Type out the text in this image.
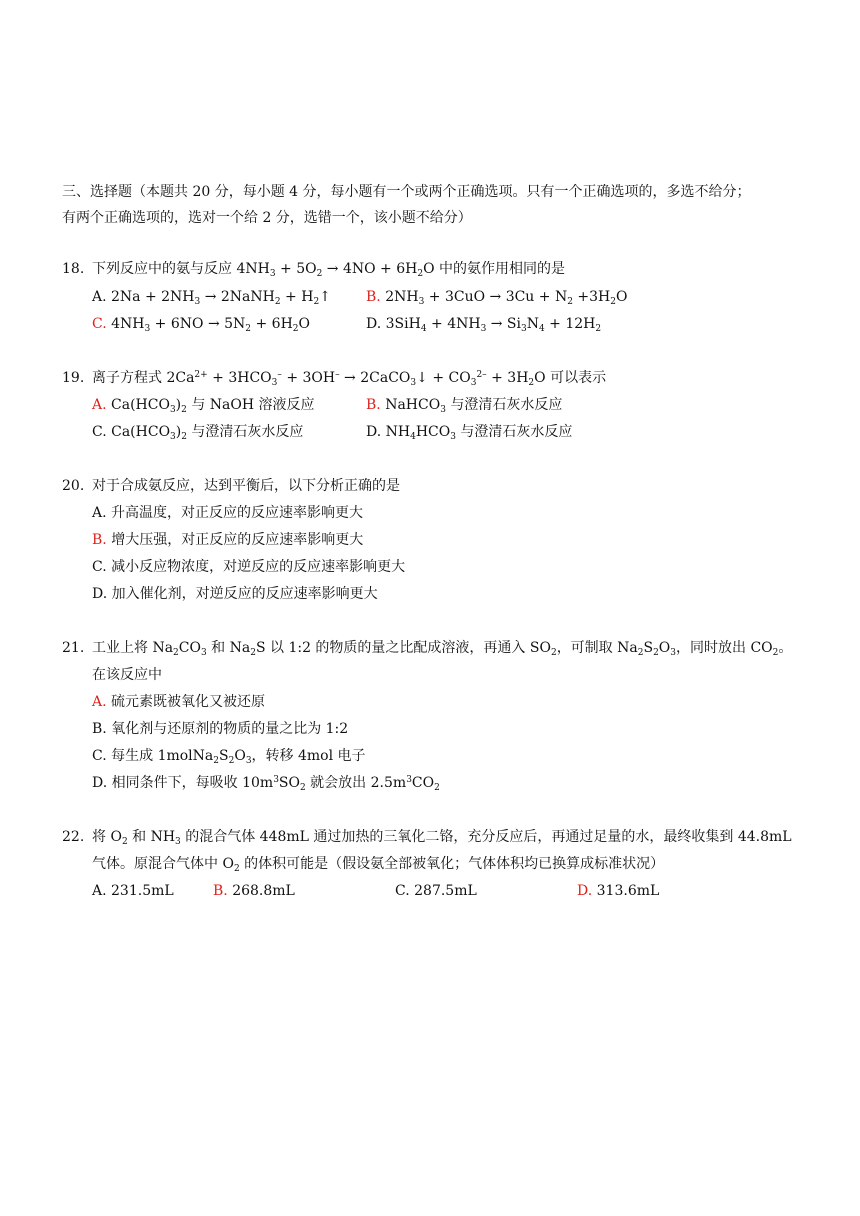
三、选择题（本题共 20 分，每小题 4 分，每小题有一个或两个正确选项。只有一个正确选项的，多选不给分；
有两个正确选项的，选对一个给 2 分，选错一个，该小题不给分）
18. 下列反应中的氨与反应 $4NH_3 + 5O_2 \to 4NO + 6H_2O$ 中的氨作用相同的是
A. $2Na + 2NH_3$ → 2NaNH$_2$ + $H_2↑$	B. $2NH_3 + 3CuO \to 3Cu + N_2 +3H_2O$
C. $4NH_3 + 6NO \to 5N_2 + 6H_2O$	D. $3SiH_4 + 4NH_3 \to Si_3N_4 + 12H_2$
19. 离子方程式 $2Ca^{2+} + 3HCO_3^- + 3OH^-$ → 2CaCO$_3$↓ + $CO_3^{2-} + 3H_2O$ 可以表示
A. $Ca(HCO_3)_2$ 与 NaOH 溶液反应	B. NaHCO$_3$ 与澄清石灰水反应
C. $Ca(HCO_3)_2$ 与澄清石灰水反应	D. $NH_4HCO_3$ 与澄清石灰水反应
20. 对于合成氨反应，达到平衡后，以下分析正确的是
A. 升高温度，对正反应的反应速率影响更大
B. 增大压强，对正反应的反应速率影响更大
C. 减小反应物浓度，对逆反应的反应速率影响更大
D. 加入催化剂，对逆反应的反应速率影响更大
21. 工业上将 $Na_2CO_3$ 和 $Na_2S$ 以 1:2 的物质的量之比配成溶液，再通入 $SO_2$，可制取 $Na_2S_2O_3$，同时放出 $CO_2$。
在该反应中
A. 硫元素既被氧化又被还原
B. 氧化剂与还原剂的物质的量之比为 1:2
C. 每生成 $1molNa_2S_2O_3$，转移 4mol 电子
D. 相同条件下，每吸收 $10m^3SO_2$ 就会放出 $2.5m^3CO_2$
22. 将 $O_2$ 和 $NH_3$ 的混合气体 448mL 通过加热的三氧化二铬，充分反应后，再通过足量的水，最终收集到 44.8mL
气体。原混合气体中 $O_2$ 的体积可能是（假设氨全部被氧化；气体体积均已换算成标准状况）
A. 231.5mL	B. 268.8mL	C. 287.5mL	D. 313.6mL
